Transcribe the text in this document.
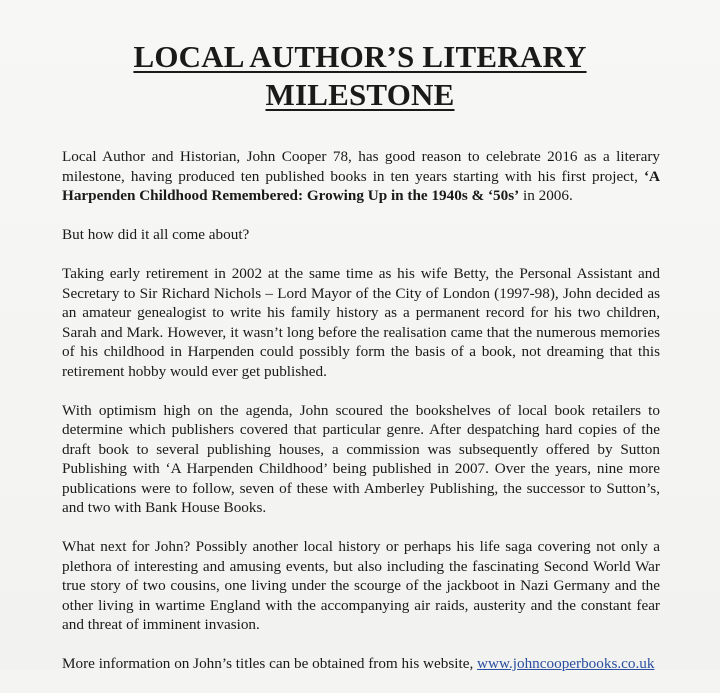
LOCAL AUTHOR’S LITERARY
MILESTONE

Local Author and Historian, John Cooper 78, has good reason to celebrate 2016 as a literary milestone, having produced ten published books in ten years starting with his first project, ‘A Harpenden Childhood Remembered: Growing Up in the 1940s & ‘50s’ in 2006.

But how did it all come about?

Taking early retirement in 2002 at the same time as his wife Betty, the Personal Assistant and Secretary to Sir Richard Nichols – Lord Mayor of the City of London (1997-98), John decided as an amateur genealogist to write his family history as a permanent record for his two children, Sarah and Mark. However, it wasn’t long before the realisation came that the numerous memories of his childhood in Harpenden could possibly form the basis of a book, not dreaming that this retirement hobby would ever get published.

With optimism high on the agenda, John scoured the bookshelves of local book retailers to determine which publishers covered that particular genre. After despatching hard copies of the draft book to several publishing houses, a commission was subsequently offered by Sutton Publishing with ‘A Harpenden Childhood’ being published in 2007. Over the years, nine more publications were to follow, seven of these with Amberley Publishing, the successor to Sutton’s, and two with Bank House Books.

What next for John? Possibly another local history or perhaps his life saga covering not only a plethora of interesting and amusing events, but also including the fascinating Second World War true story of two cousins, one living under the scourge of the jackboot in Nazi Germany and the other living in wartime England with the accompanying air raids, austerity and the constant fear and threat of imminent invasion.

More information on John’s titles can be obtained from his website, www.johncooperbooks.co.uk
